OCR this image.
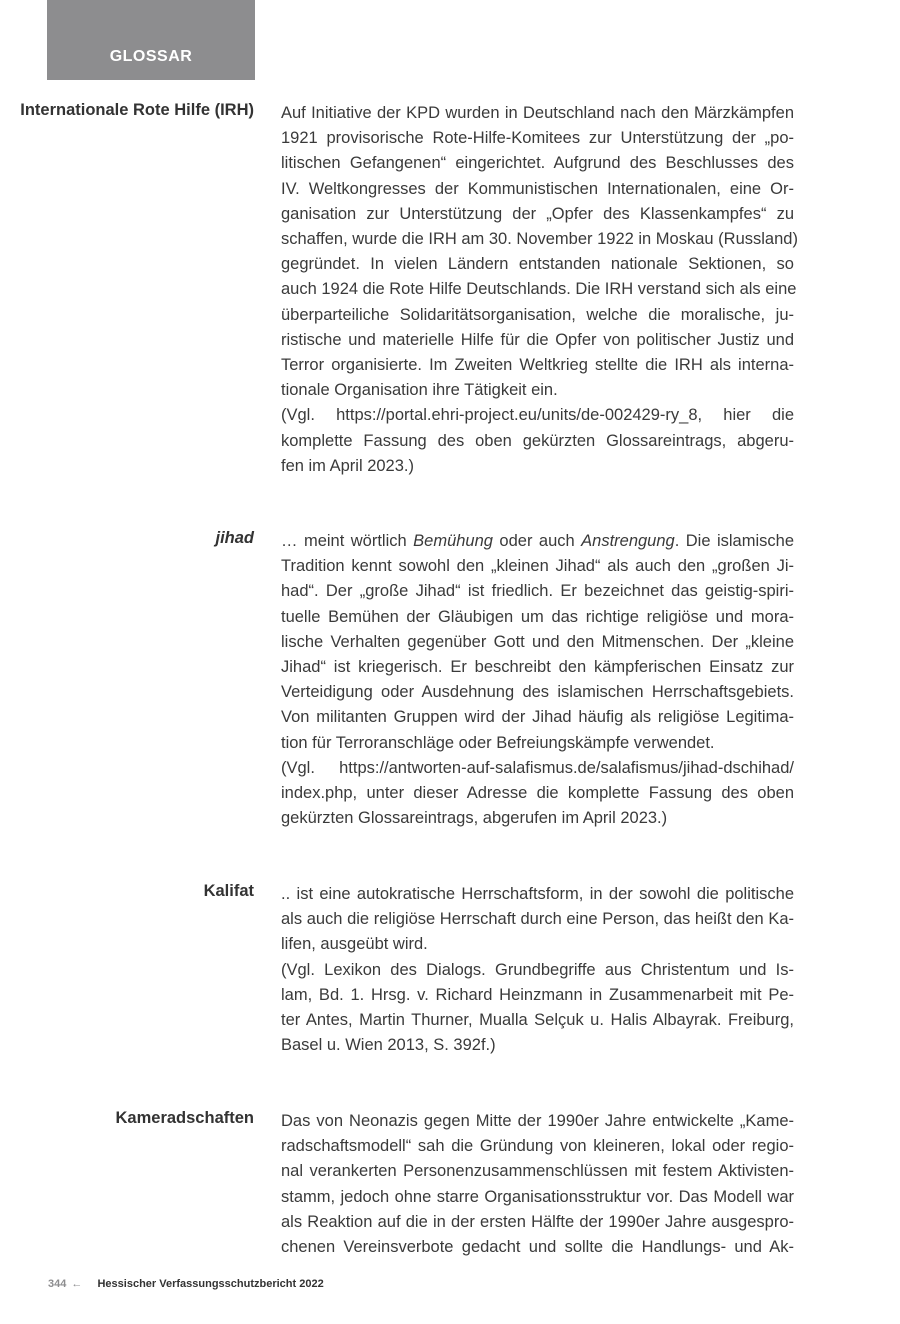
GLOSSAR
Internationale Rote Hilfe (IRH) Auf Initiative der KPD wurden in Deutschland nach den Märzkämpfen
1921 provisorische Rote-Hilfe-Komitees zur Unterstützung der „po-
litischen Gefangenen“ eingerichtet. Aufgrund des Beschlusses des
IV. Weltkongresses der Kommunistischen Internationalen, eine Or-
ganisation zur Unterstützung der „Opfer des Klassenkampfes“ zu
schaffen, wurde die IRH am 30. November 1922 in Moskau (Russland)
gegründet. In vielen Ländern entstanden nationale Sektionen, so
auch 1924 die Rote Hilfe Deutschlands. Die IRH verstand sich als eine
überparteiliche Solidaritätsorganisation, welche die moralische, ju-
ristische und materielle Hilfe für die Opfer von politischer Justiz und
Terror organisierte. Im Zweiten Weltkrieg stellte die IRH als interna-
tionale Organisation ihre Tätigkeit ein.
(Vgl. https://portal.ehri-project.eu/units/de-002429-ry_8, hier die
komplette Fassung des oben gekürzten Glossareintrags, abgeru-
fen im April 2023.)
jihad … meint wörtlich Bemühung oder auch Anstrengung. Die islamische
Tradition kennt sowohl den „kleinen Jihad“ als auch den „großen Ji-
had“. Der „große Jihad“ ist friedlich. Er bezeichnet das geistig-spiri-
tuelle Bemühen der Gläubigen um das richtige religiöse und mora-
lische Verhalten gegenüber Gott und den Mitmenschen. Der „kleine
Jihad“ ist kriegerisch. Er beschreibt den kämpferischen Einsatz zur
Verteidigung oder Ausdehnung des islamischen Herrschaftsgebiets.
Von militanten Gruppen wird der Jihad häufig als religiöse Legitima-
tion für Terroranschläge oder Befreiungskämpfe verwendet.
(Vgl. https://antworten-auf-salafismus.de/salafismus/jihad-dschihad/
index.php, unter dieser Adresse die komplette Fassung des oben
gekürzten Glossareintrags, abgerufen im April 2023.)
Kalifat .. ist eine autokratische Herrschaftsform, in der sowohl die politische
als auch die religiöse Herrschaft durch eine Person, das heißt den Ka-
lifen, ausgeübt wird.
(Vgl. Lexikon des Dialogs. Grundbegriffe aus Christentum und Is-
lam, Bd. 1. Hrsg. v. Richard Heinzmann in Zusammenarbeit mit Pe-
ter Antes, Martin Thurner, Mualla Selçuk u. Halis Albayrak. Freiburg,
Basel u. Wien 2013, S. 392f.)
Kameradschaften Das von Neonazis gegen Mitte der 1990er Jahre entwickelte „Kame-
radschaftsmodell“ sah die Gründung von kleineren, lokal oder regio-
nal verankerten Personenzusammenschlüssen mit festem Aktivisten-
stamm, jedoch ohne starre Organisationsstruktur vor. Das Modell war
als Reaktion auf die in der ersten Hälfte der 1990er Jahre ausgespro-
chenen Vereinsverbote gedacht und sollte die Handlungs- und Ak-
344 ← Hessischer Verfassungsschutzbericht 2022
